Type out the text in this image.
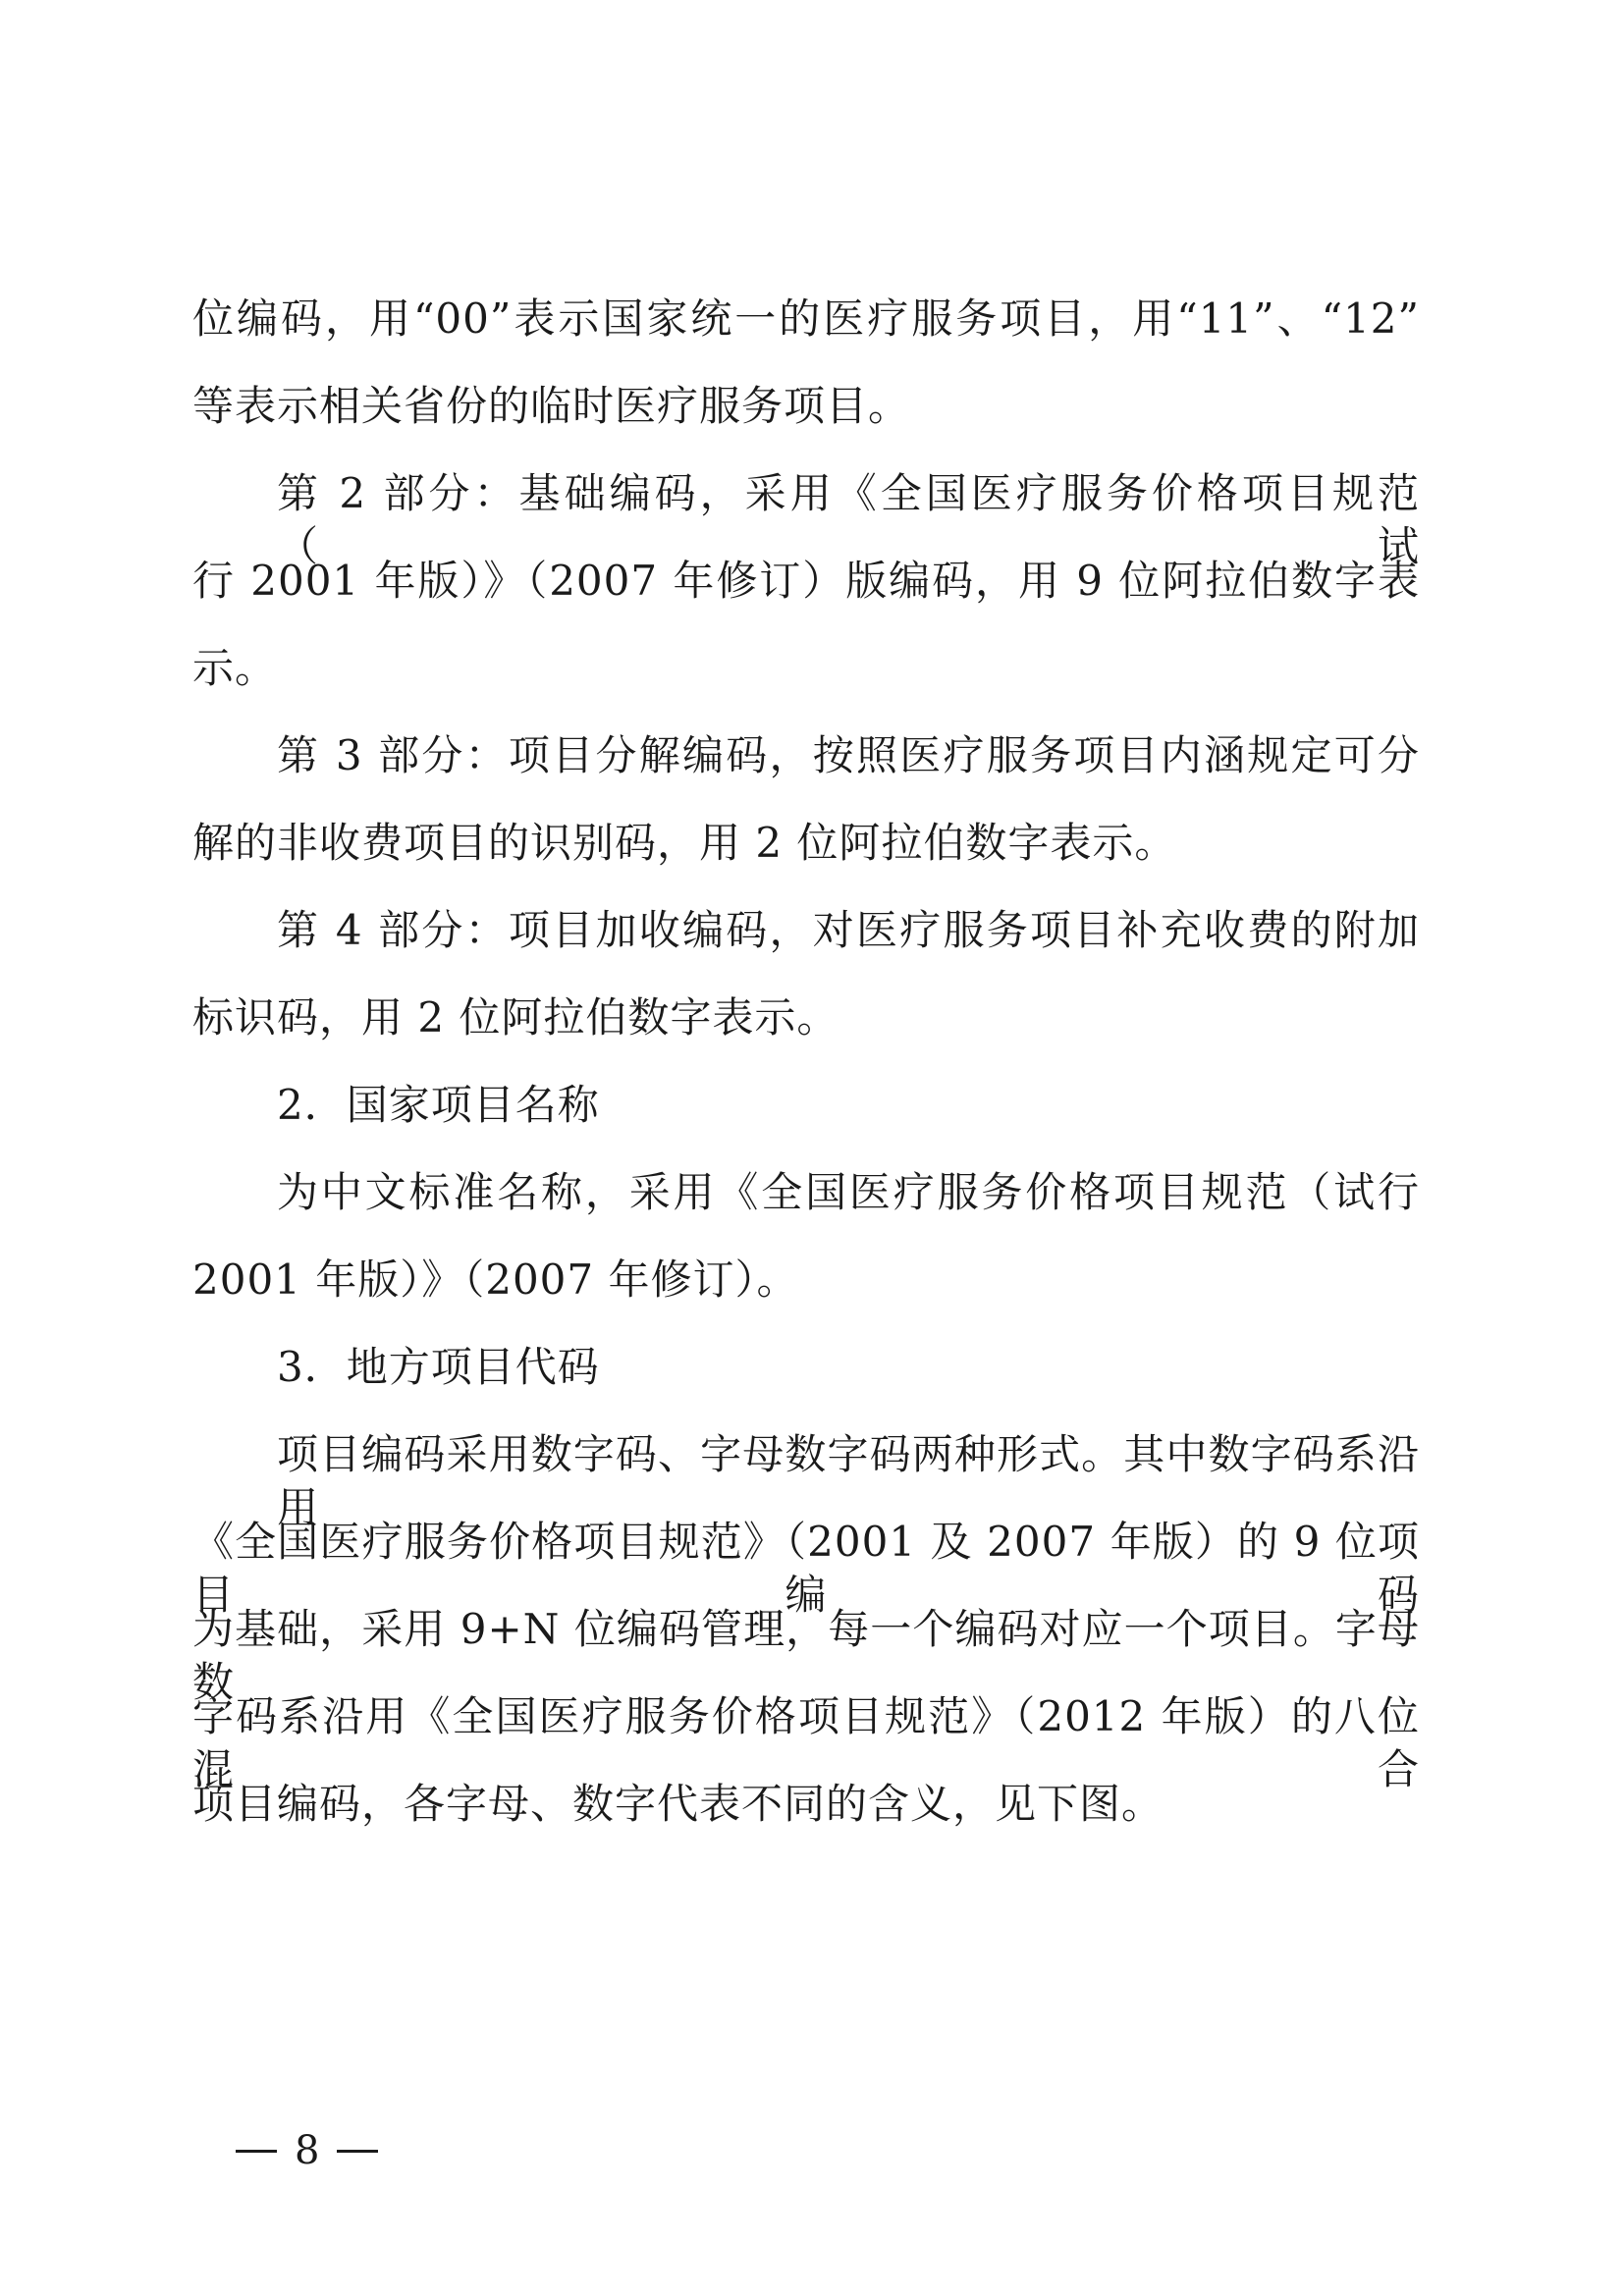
位编码，用“00”表示国家统一的医疗服务项目，用“11”、“12”
等表示相关省份的临时医疗服务项目。
第 2 部分：基础编码，采用《全国医疗服务价格项目规范（试
行 2001 年版）》（2007 年修订）版编码，用 9 位阿拉伯数字表
示。
第 3 部分：项目分解编码，按照医疗服务项目内涵规定可分
解的非收费项目的识别码，用 2 位阿拉伯数字表示。
第 4 部分：项目加收编码，对医疗服务项目补充收费的附加
标识码，用 2 位阿拉伯数字表示。
2．国家项目名称
为中文标准名称，采用《全国医疗服务价格项目规范（试行
2001 年版）》（2007 年修订）。
3．地方项目代码
项目编码采用数字码、字母数字码两种形式。其中数字码系沿用
《全国医疗服务价格项目规范》（2001 及 2007 年版）的 9 位项目编码
为基础，采用 9+N 位编码管理，每一个编码对应一个项目。字母数
字码系沿用《全国医疗服务价格项目规范》（2012 年版）的八位混合
项目编码，各字母、数字代表不同的含义，见下图。
8
